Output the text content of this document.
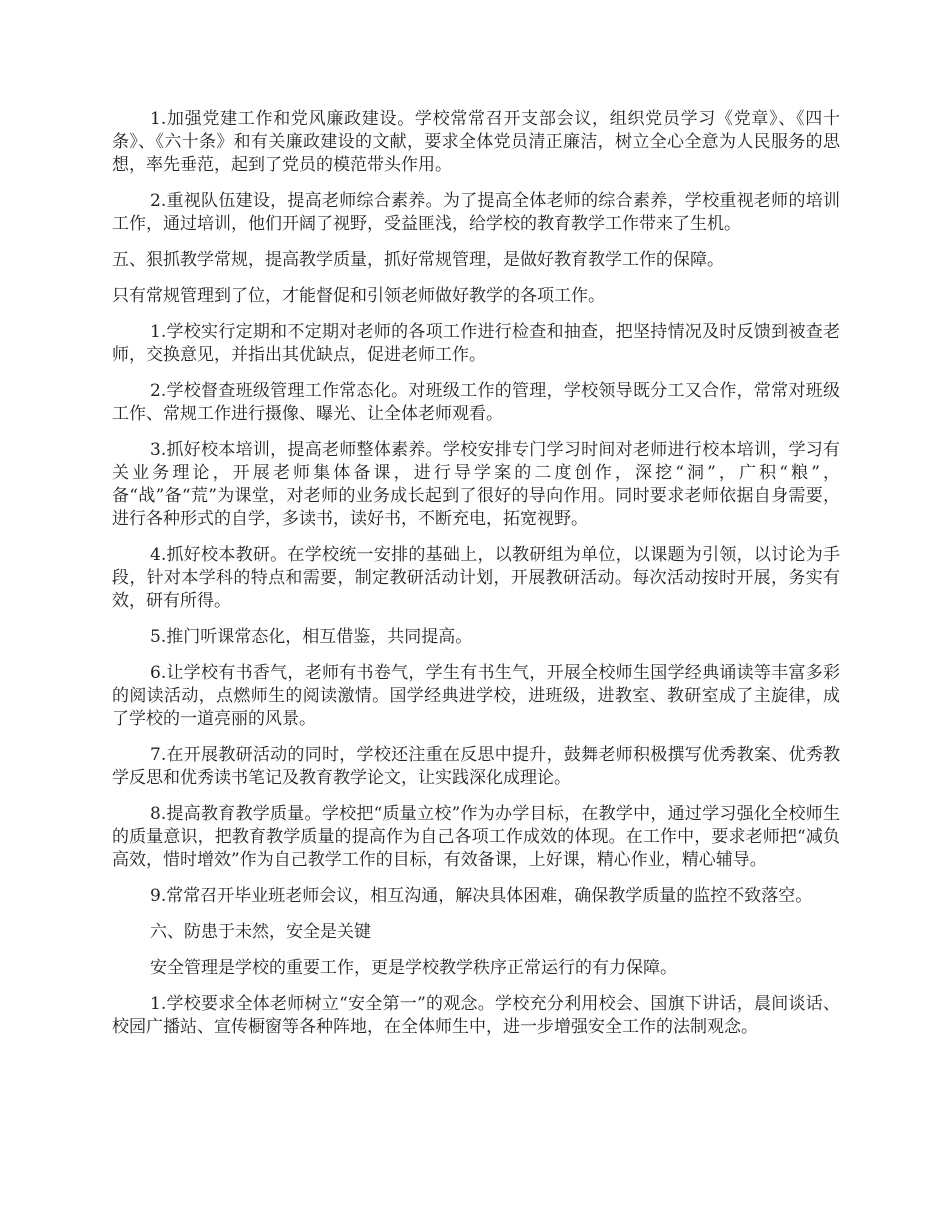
1.加强党建工作和党风廉政建设。学校常常召开支部会议，组织党员学习《党章》、《四十条》、《六十条》和有关廉政建设的文献，要求全体党员清正廉洁，树立全心全意为人民服务的思想，率先垂范，起到了党员的模范带头作用。

2.重视队伍建设，提高老师综合素养。为了提高全体老师的综合素养，学校重视老师的培训工作，通过培训，他们开阔了视野，受益匪浅，给学校的教育教学工作带来了生机。

五、狠抓教学常规，提高教学质量，抓好常规管理，是做好教育教学工作的保障。

只有常规管理到了位，才能督促和引领老师做好教学的各项工作。

1.学校实行定期和不定期对老师的各项工作进行检查和抽查，把坚持情况及时反馈到被查老师，交换意见，并指出其优缺点，促进老师工作。

2.学校督查班级管理工作常态化。对班级工作的管理，学校领导既分工又合作，常常对班级工作、常规工作进行摄像、曝光、让全体老师观看。

3.抓好校本培训，提高老师整体素养。学校安排专门学习时间对老师进行校本培训，学习有关业务理论，开展老师集体备课，进行导学案的二度创作，深挖“洞”，广积“粮”，备“战”备“荒”为课堂，对老师的业务成长起到了很好的导向作用。同时要求老师依据自身需要，进行各种形式的自学，多读书，读好书，不断充电，拓宽视野。

4.抓好校本教研。在学校统一安排的基础上，以教研组为单位，以课题为引领，以讨论为手段，针对本学科的特点和需要，制定教研活动计划，开展教研活动。每次活动按时开展，务实有效，研有所得。

5.推门听课常态化，相互借鉴，共同提高。

6.让学校有书香气，老师有书卷气，学生有书生气，开展全校师生国学经典诵读等丰富多彩的阅读活动，点燃师生的阅读激情。国学经典进学校，进班级，进教室、教研室成了主旋律，成了学校的一道亮丽的风景。

7.在开展教研活动的同时，学校还注重在反思中提升，鼓舞老师积极撰写优秀教案、优秀教学反思和优秀读书笔记及教育教学论文，让实践深化成理论。

8.提高教育教学质量。学校把“质量立校”作为办学目标，在教学中，通过学习强化全校师生的质量意识，把教育教学质量的提高作为自己各项工作成效的体现。在工作中，要求老师把“减负高效，惜时增效”作为自己教学工作的目标，有效备课，上好课，精心作业，精心辅导。

9.常常召开毕业班老师会议，相互沟通，解决具体困难，确保教学质量的监控不致落空。

六、防患于未然，安全是关键

安全管理是学校的重要工作，更是学校教学秩序正常运行的有力保障。

1.学校要求全体老师树立“安全第一”的观念。学校充分利用校会、国旗下讲话，晨间谈话、校园广播站、宣传橱窗等各种阵地，在全体师生中，进一步增强安全工作的法制观念。
